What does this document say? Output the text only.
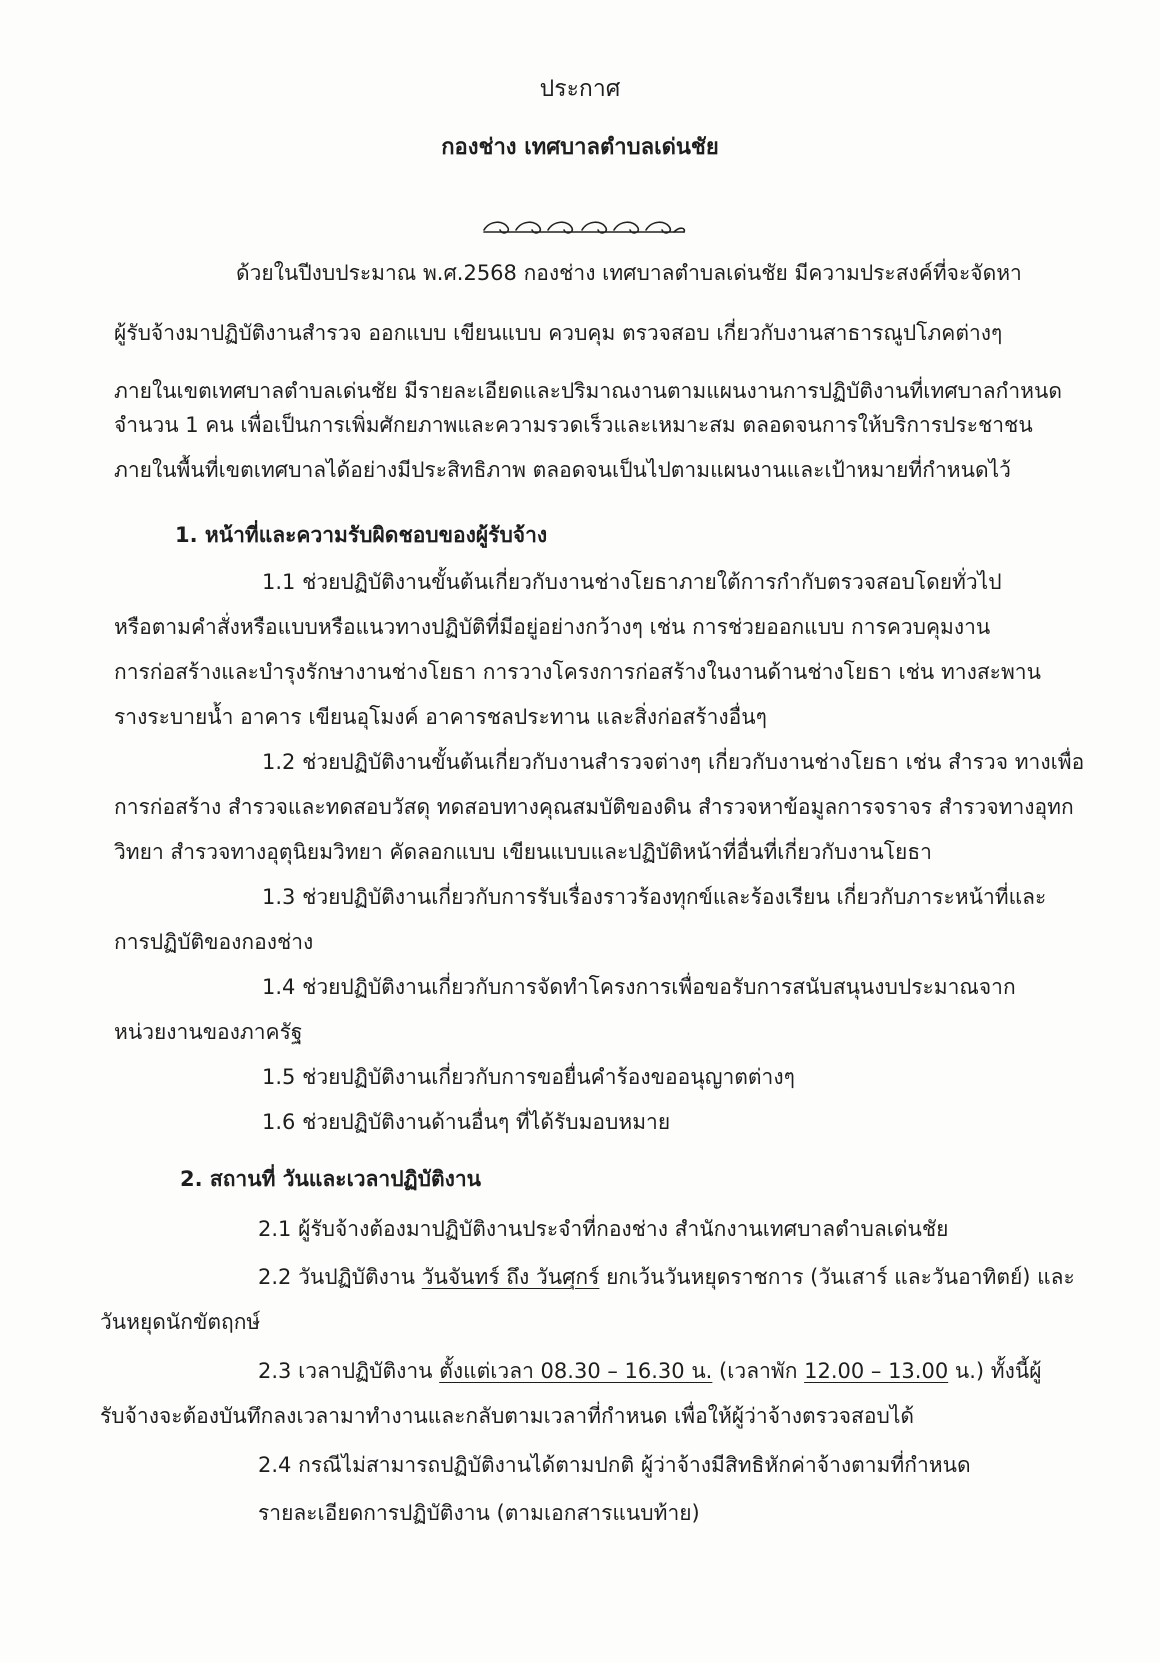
ประกาศ
กองช่าง เทศบาลตำบลเด่นชัย
ด้วยในปีงบประมาณ พ.ศ.2568 กองช่าง เทศบาลตำบลเด่นชัย มีความประสงค์ที่จะจัดหา
ผู้รับจ้างมาปฏิบัติงานสำรวจ ออกแบบ เขียนแบบ ควบคุม ตรวจสอบ เกี่ยวกับงานสาธารณูปโภคต่างๆ
ภายในเขตเทศบาลตำบลเด่นชัย มีรายละเอียดและปริมาณงานตามแผนงานการปฏิบัติงานที่เทศบาลกำหนด
จำนวน 1 คน เพื่อเป็นการเพิ่มศักยภาพและความรวดเร็วและเหมาะสม ตลอดจนการให้บริการประชาชน
ภายในพื้นที่เขตเทศบาลได้อย่างมีประสิทธิภาพ ตลอดจนเป็นไปตามแผนงานและเป้าหมายที่กำหนดไว้
1. หน้าที่และความรับผิดชอบของผู้รับจ้าง
1.1 ช่วยปฏิบัติงานขั้นต้นเกี่ยวกับงานช่างโยธาภายใต้การกำกับตรวจสอบโดยทั่วไป
หรือตามคำสั่งหรือแบบหรือแนวทางปฏิบัติที่มีอยู่อย่างกว้างๆ เช่น การช่วยออกแบบ การควบคุมงาน
การก่อสร้างและบำรุงรักษางานช่างโยธา การวางโครงการก่อสร้างในงานด้านช่างโยธา เช่น ทางสะพาน
รางระบายน้ำ อาคาร เขียนอุโมงค์ อาคารชลประทาน และสิ่งก่อสร้างอื่นๆ
1.2 ช่วยปฏิบัติงานขั้นต้นเกี่ยวกับงานสำรวจต่างๆ เกี่ยวกับงานช่างโยธา เช่น สำรวจ ทางเพื่อ
การก่อสร้าง สำรวจและทดสอบวัสดุ ทดสอบทางคุณสมบัติของดิน สำรวจหาข้อมูลการจราจร สำรวจทางอุทก
วิทยา สำรวจทางอุตุนิยมวิทยา คัดลอกแบบ เขียนแบบและปฏิบัติหน้าที่อื่นที่เกี่ยวกับงานโยธา
1.3 ช่วยปฏิบัติงานเกี่ยวกับการรับเรื่องราวร้องทุกข์และร้องเรียน เกี่ยวกับภาระหน้าที่และ
การปฏิบัติของกองช่าง
1.4 ช่วยปฏิบัติงานเกี่ยวกับการจัดทำโครงการเพื่อขอรับการสนับสนุนงบประมาณจาก
หน่วยงานของภาครัฐ
1.5 ช่วยปฏิบัติงานเกี่ยวกับการขอยื่นคำร้องขออนุญาตต่างๆ
1.6 ช่วยปฏิบัติงานด้านอื่นๆ ที่ได้รับมอบหมาย
2. สถานที่ วันและเวลาปฏิบัติงาน
2.1 ผู้รับจ้างต้องมาปฏิบัติงานประจำที่กองช่าง สำนักงานเทศบาลตำบลเด่นชัย
2.2 วันปฏิบัติงาน วันจันทร์ ถึง วันศุกร์ ยกเว้นวันหยุดราชการ (วันเสาร์ และวันอาทิตย์) และ
วันหยุดนักขัตฤกษ์
2.3 เวลาปฏิบัติงาน ตั้งแต่เวลา 08.30 – 16.30 น. (เวลาพัก 12.00 – 13.00 น.) ทั้งนี้ผู้
รับจ้างจะต้องบันทึกลงเวลามาทำงานและกลับตามเวลาที่กำหนด เพื่อให้ผู้ว่าจ้างตรวจสอบได้
2.4 กรณีไม่สามารถปฏิบัติงานได้ตามปกติ ผู้ว่าจ้างมีสิทธิหักค่าจ้างตามที่กำหนด
รายละเอียดการปฏิบัติงาน (ตามเอกสารแนบท้าย)
